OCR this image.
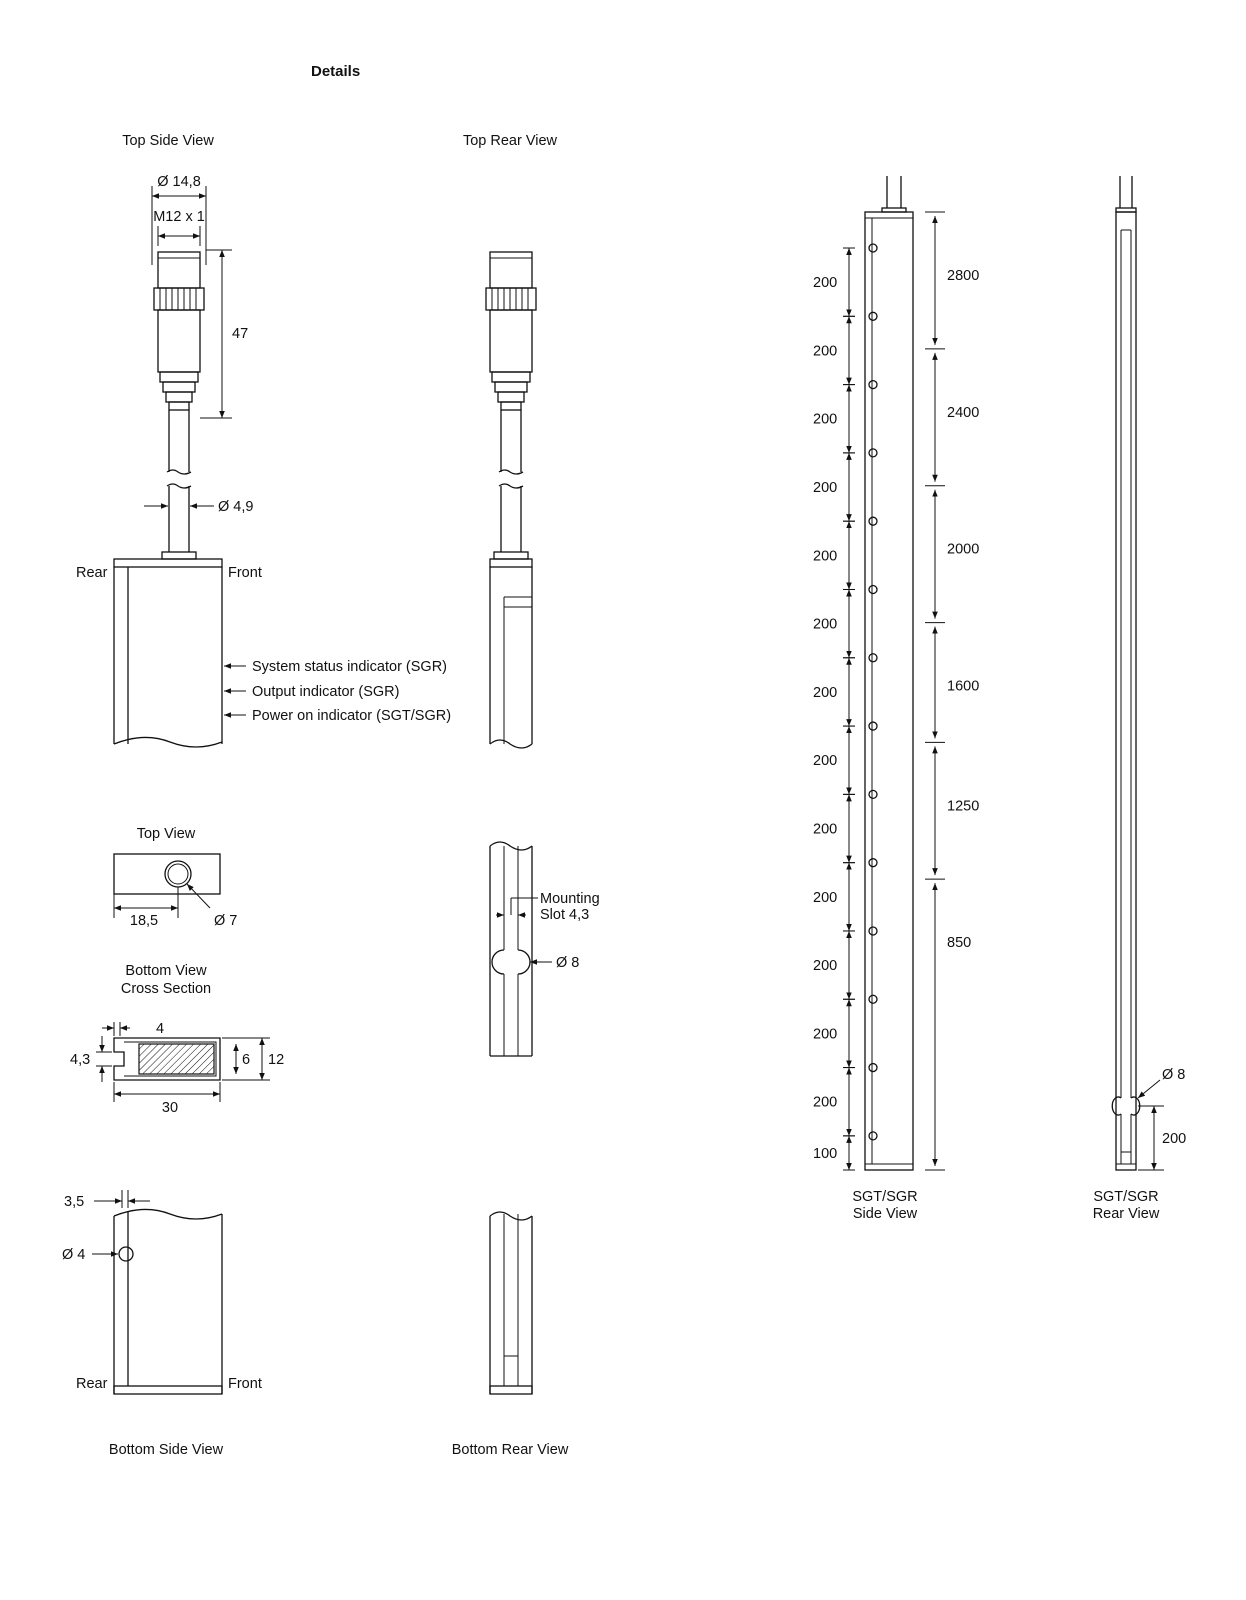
Details
Top Side View	Top Rear View
Ø 14,8
M12 x 1
47
Ø 4,9
Rear	Front
System status indicator (SGR)
Output indicator (SGR)
Power on indicator (SGT/SGR)
Top View
18,5	Ø 7
Mounting
Slot 4,3
Ø 8
Bottom View
Cross Section
4
4,3	6 12
30
3,5
Ø 4
Rear	Front
Bottom Side View	Bottom Rear View
100
200
200
200
200
200
200
200
200
200
200
200
200
200	2800
2400
2000
1600
1250
850
SGT/SGR
Side View
Ø 8
200
SGT/SGR
Rear View
